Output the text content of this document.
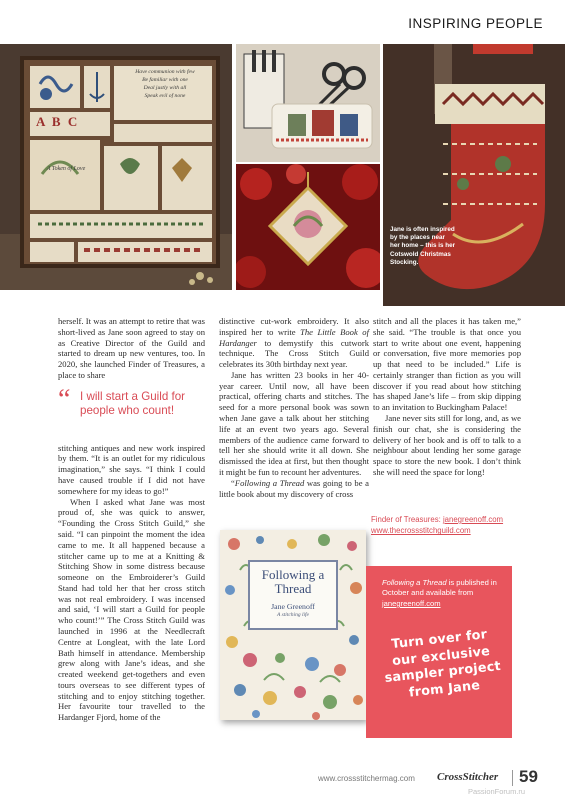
INSPIRING PEOPLE
Have communion with few
Be familiar with one
Deal justly with all
Speak evil of none
A B C
A Token of Love
Jane is often inspired by the places near her home – this is her Cotswold Christmas Stocking.

herself. It was an attempt to retire that was short-lived as Jane soon agreed to stay on as Creative Director of the Guild and started to dream up new ventures, too. In 2020, she launched Finder of Treasures, a place to share

stitching antiques and new work inspired by them. “It is an outlet for my ridiculous imagination,” she says. “I think I could have caused trouble if I did not have somewhere for my ideas to go!”

When I asked what Jane was most proud of, she was quick to answer, “Founding the Cross Stitch Guild,” she said. “I can pinpoint the moment the idea came to me. It all happened because a stitcher came up to me at a Knitting & Stitching Show in some distress because someone on the Embroiderer’s Guild Stand had told her that her cross stitch was not real embroidery. I was incensed and said, ‘I will start a Guild for people who count!’” The Cross Stitch Guild was launched in 1996 at the Needlecraft Centre at Longleat, with the late Lord Bath himself in attendance. Membership grew along with Jane’s ideas, and she created weekend get-togethers and even tours overseas to see different types of stitching and to enjoy stitching together. Her favourite tour travelled to the Hardanger Fjord, home of the

“ I will start a Guild for people who count!

distinctive cut-work embroidery. It also inspired her to write The Little Book of Hardanger to demystify this cutwork technique. The Cross Stitch Guild celebrates its 30th birthday next year.

Jane has written 23 books in her 40-year career. Until now, all have been practical, offering charts and stitches. The seed for a more personal book was sown when Jane gave a talk about her stitching life at an event two years ago. Several members of the audience came forward to tell her she should write it all down. She dismissed the idea at first, but then thought it might be fun to recount her adventures.

“Following a Thread was going to be a little book about my discovery of cross

stitch and all the places it has taken me,” she said. “The trouble is that once you start to write about one event, happening or conversation, five more memories pop up that need to be included.” Life is certainly stranger than fiction as you will discover if you read about how stitching has shaped Jane’s life – from skip dipping to an invitation to Buckingham Palace!

Jane never sits still for long, and, as we finish our chat, she is considering the delivery of her book and is off to talk to a neighbour about lending her some garage space to store the new book. I don’t think she will need the space for long!

Finder of Treasures: janegreenoff.com
www.thecrossstitchguild.com
Following a Thread
Jane Greenoff
A stitching life
Following a Thread is published in October and available from janegreenoff.com
Turn over for our exclusive sampler project from Jane
www.crossstitchermag.com CrossStitcher 59
PassionForum.ru
